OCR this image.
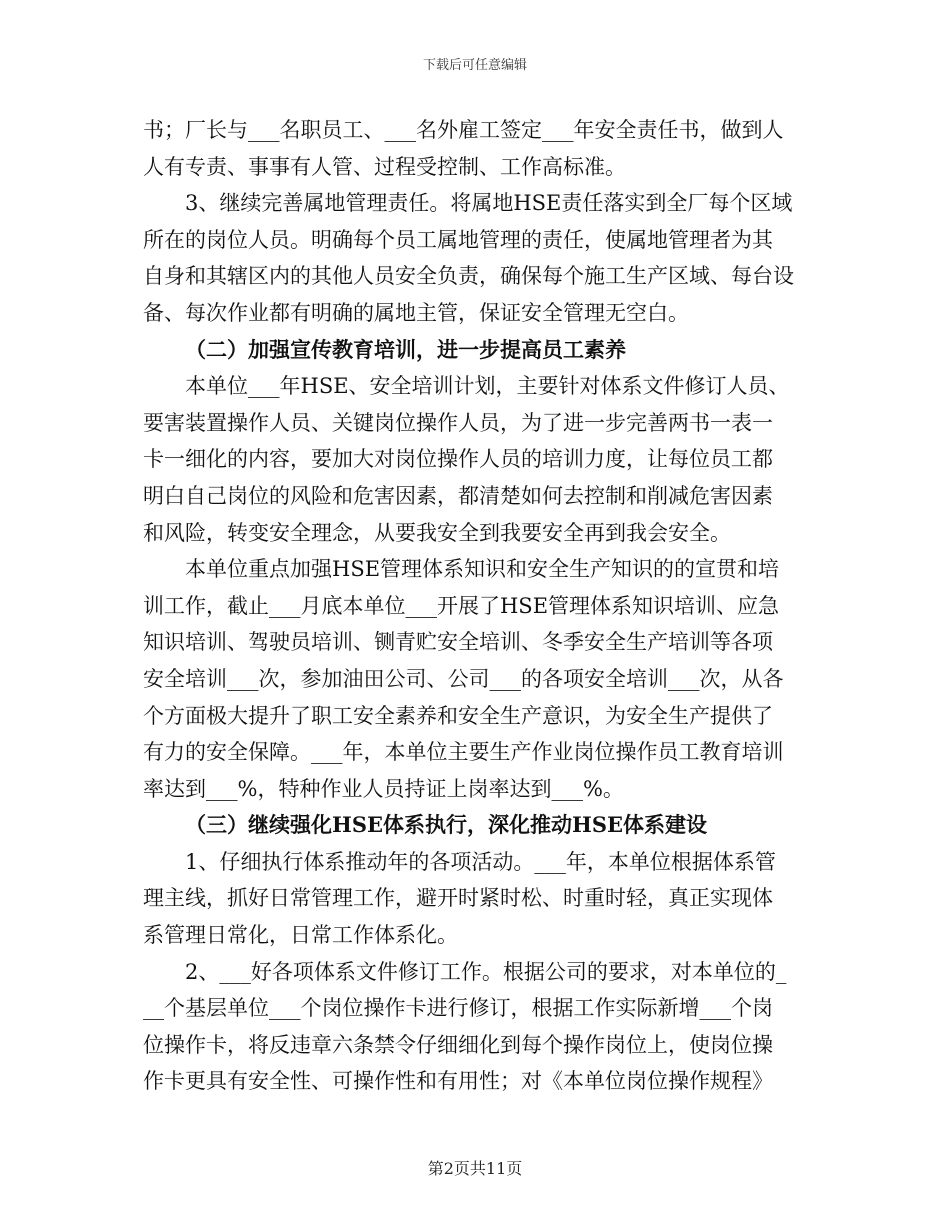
下载后可任意编辑
书；厂长与___名职员工、___名外雇工签定___年安全责任书，做到人
人有专责、事事有人管、过程受控制、工作高标准。
3、继续完善属地管理责任。将属地HSE责任落实到全厂每个区域
所在的岗位人员。明确每个员工属地管理的责任，使属地管理者为其
自身和其辖区内的其他人员安全负责，确保每个施工生产区域、每台设
备、每次作业都有明确的属地主管，保证安全管理无空白。
（二）加强宣传教育培训，进一步提高员工素养
本单位___年HSE、安全培训计划，主要针对体系文件修订人员、
要害装置操作人员、关键岗位操作人员，为了进一步完善两书一表一
卡一细化的内容，要加大对岗位操作人员的培训力度，让每位员工都
明白自己岗位的风险和危害因素，都清楚如何去控制和削减危害因素
和风险，转变安全理念，从要我安全到我要安全再到我会安全。
本单位重点加强HSE管理体系知识和安全生产知识的的宣贯和培
训工作，截止___月底本单位___开展了HSE管理体系知识培训、应急
知识培训、驾驶员培训、铡青贮安全培训、冬季安全生产培训等各项
安全培训___次，参加油田公司、公司___的各项安全培训___次，从各
个方面极大提升了职工安全素养和安全生产意识，为安全生产提供了
有力的安全保障。___年，本单位主要生产作业岗位操作员工教育培训
率达到___%，特种作业人员持证上岗率达到___%。
（三）继续强化HSE体系执行，深化推动HSE体系建设
1、仔细执行体系推动年的各项活动。___年，本单位根据体系管
理主线，抓好日常管理工作，避开时紧时松、时重时轻，真正实现体
系管理日常化，日常工作体系化。
2、___好各项体系文件修订工作。根据公司的要求，对本单位的_
__个基层单位___个岗位操作卡进行修订，根据工作实际新增___个岗
位操作卡，将反违章六条禁令仔细细化到每个操作岗位上，使岗位操
作卡更具有安全性、可操作性和有用性；对《本单位岗位操作规程》
第2页共11页
